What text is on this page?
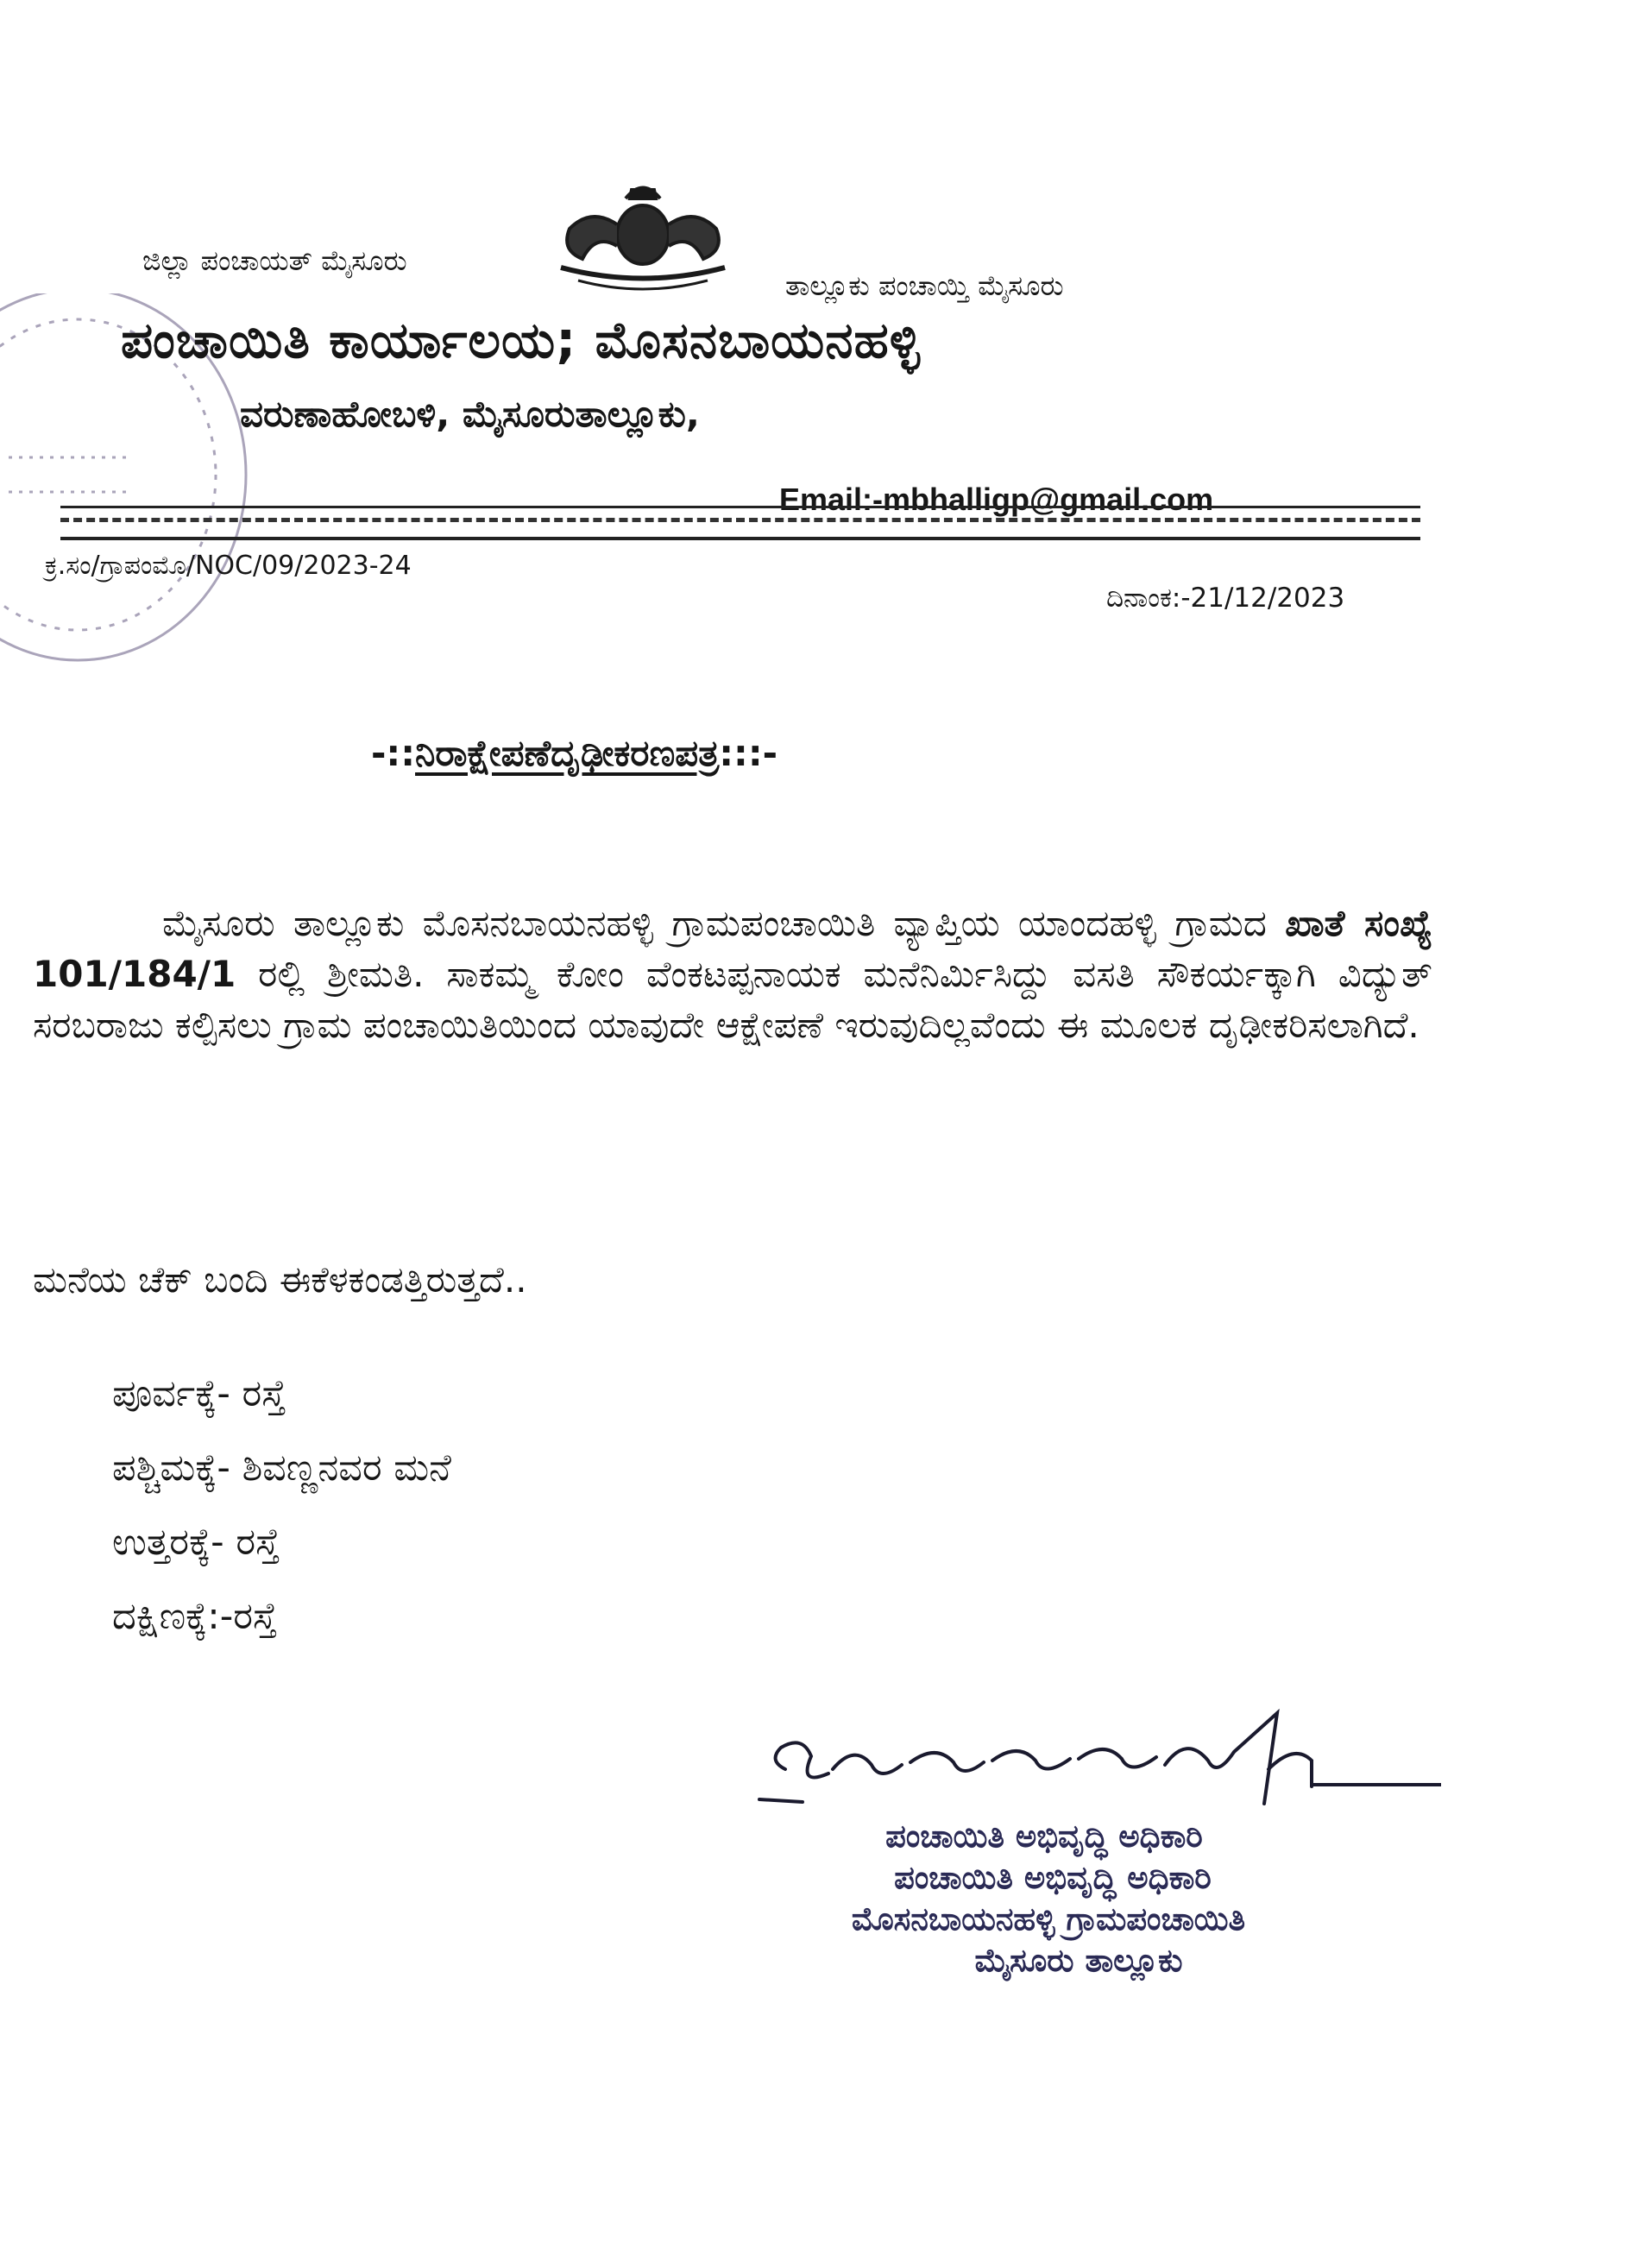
ಜಿಲ್ಲಾ ಪಂಚಾಯತ್ ಮೈಸೂರು
ತಾಲ್ಲೂಕು ಪಂಚಾಯ್ತಿ ಮೈಸೂರು
ಪಂಚಾಯಿತಿ ಕಾರ್ಯಾಲಯ; ಮೊಸನಬಾಯನಹಳ್ಳಿ
ವರುಣಾಹೋಬಳಿ, ಮೈಸೂರುತಾಲ್ಲೂಕು,
Email:-mbhalligp@gmail.com
ಕ್ರ.ಸಂ/ಗ್ರಾಪಂಮೊ/NOC/09/2023-24
ದಿನಾಂಕ:-21/12/2023
-::ನಿರಾಕ್ಷೇಪಣೆದೃಢೀಕರಣಪತ್ರ:::-
ಮೈಸೂರು ತಾಲ್ಲೂಕು ಮೊಸನಬಾಯನಹಳ್ಳಿ ಗ್ರಾಮಪಂಚಾಯಿತಿ ವ್ಯಾಪ್ತಿಯ ಯಾಂದಹಳ್ಳಿ ಗ್ರಾಮದ ಖಾತೆ ಸಂಖ್ಯೆ 101/184/1 ರಲ್ಲಿ ಶ್ರೀಮತಿ. ಸಾಕಮ್ಮ ಕೋಂ ವೆಂಕಟಪ್ಪನಾಯಕ ಮನೆನಿರ್ಮಿಸಿದ್ದು ವಸತಿ ಸೌಕರ್ಯಕ್ಕಾಗಿ ವಿದ್ಯುತ್ ಸರಬರಾಜು ಕಲ್ಪಿಸಲು ಗ್ರಾಮ ಪಂಚಾಯಿತಿಯಿಂದ ಯಾವುದೇ ಆಕ್ಷೇಪಣೆ ಇರುವುದಿಲ್ಲವೆಂದು ಈ ಮೂಲಕ ದೃಢೀಕರಿಸಲಾಗಿದೆ.
ಮನೆಯ ಚೆಕ್ ಬಂದಿ ಈಕೆಳಕಂಡತ್ತಿರುತ್ತದೆ..
ಪೂರ್ವಕ್ಕೆ- ರಸ್ತೆ
ಪಶ್ಚಿಮಕ್ಕೆ- ಶಿವಣ್ಣನವರ ಮನೆ
ಉತ್ತರಕ್ಕೆ- ರಸ್ತೆ
ದಕ್ಷಿಣಕ್ಕೆ:-ರಸ್ತೆ
ಪಂಚಾಯಿತಿ ಅಭಿವೃದ್ಧಿ ಅಧಿಕಾರಿ
ಪಂಚಾಯಿತಿ ಅಭಿವೃದ್ಧಿ ಅಧಿಕಾರಿ
ಮೊಸನಬಾಯನಹಳ್ಳಿ ಗ್ರಾಮಪಂಚಾಯಿತಿ
ಮೈಸೂರು ತಾಲ್ಲೂಕು
